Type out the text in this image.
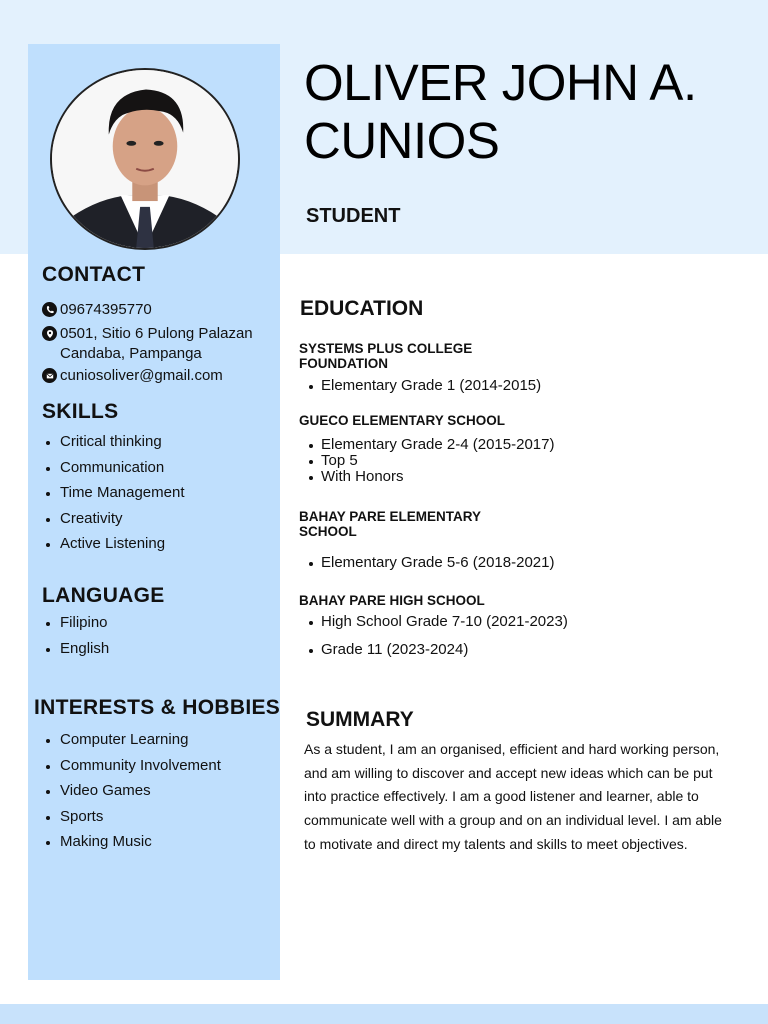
OLIVER JOHN A. CUNIOS
STUDENT
CONTACT
09674395770
0501, Sitio 6 Pulong Palazan Candaba, Pampanga
cuniosoliver@gmail.com
SKILLS
Critical thinking
Communication
Time Management
Creativity
Active Listening
LANGUAGE
Filipino
English
INTERESTS & HOBBIES
Computer Learning
Community Involvement
Video Games
Sports
Making Music
EDUCATION
SYSTEMS PLUS COLLEGE FOUNDATION
Elementary Grade 1 (2014-2015)
GUECO ELEMENTARY SCHOOL
Elementary Grade 2-4 (2015-2017)
Top 5
With Honors
BAHAY PARE ELEMENTARY SCHOOL
Elementary Grade 5-6 (2018-2021)
BAHAY PARE HIGH SCHOOL
High School Grade 7-10 (2021-2023)
Grade 11 (2023-2024)
SUMMARY
As a student, I am an organised, efficient and hard working person, and am willing to discover and accept new ideas which can be put into practice effectively. I am a good listener and learner, able to communicate well with a group and on an individual level. I am able to motivate and direct my talents and skills to meet objectives.
